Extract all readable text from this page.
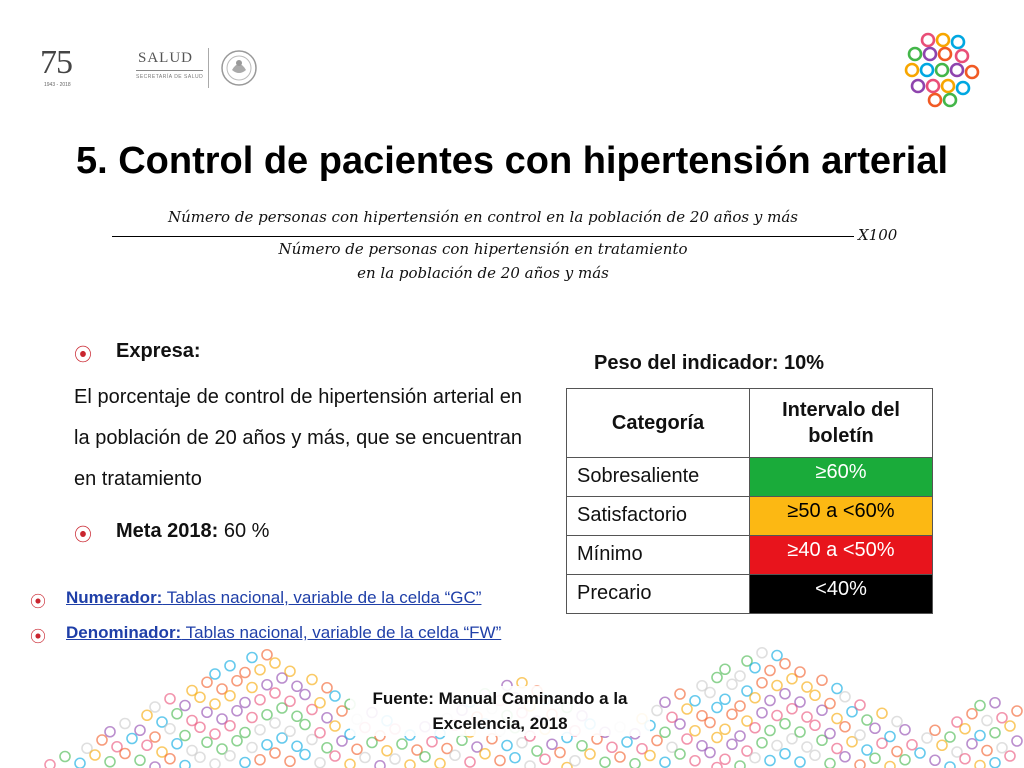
75
1943 - 2018
SALUD
SECRETARÍA DE SALUD
5. Control de pacientes con hipertensión arterial
Número de personas con hipertensión en control en la población de 20 años y más
X100
Número de personas con hipertensión en tratamiento
en la población de 20 años y más
⦿ Expresa:
El porcentaje de control de hipertensión arterial en la población de 20 años y más, que se encuentran en tratamiento
⦿ Meta 2018: 60 %
Peso del indicador: 10%
Categoría	Intervalo del boletín
Sobresaliente	≥60%
Satisfactorio	≥50 a <60%
Mínimo	≥40 a <50%
Precario	<40%
⦿ Numerador: Tablas nacional, variable de la celda “GC”
⦿ Denominador: Tablas nacional, variable de la celda “FW”
Fuente: Manual Caminando a la
Excelencia, 2018
